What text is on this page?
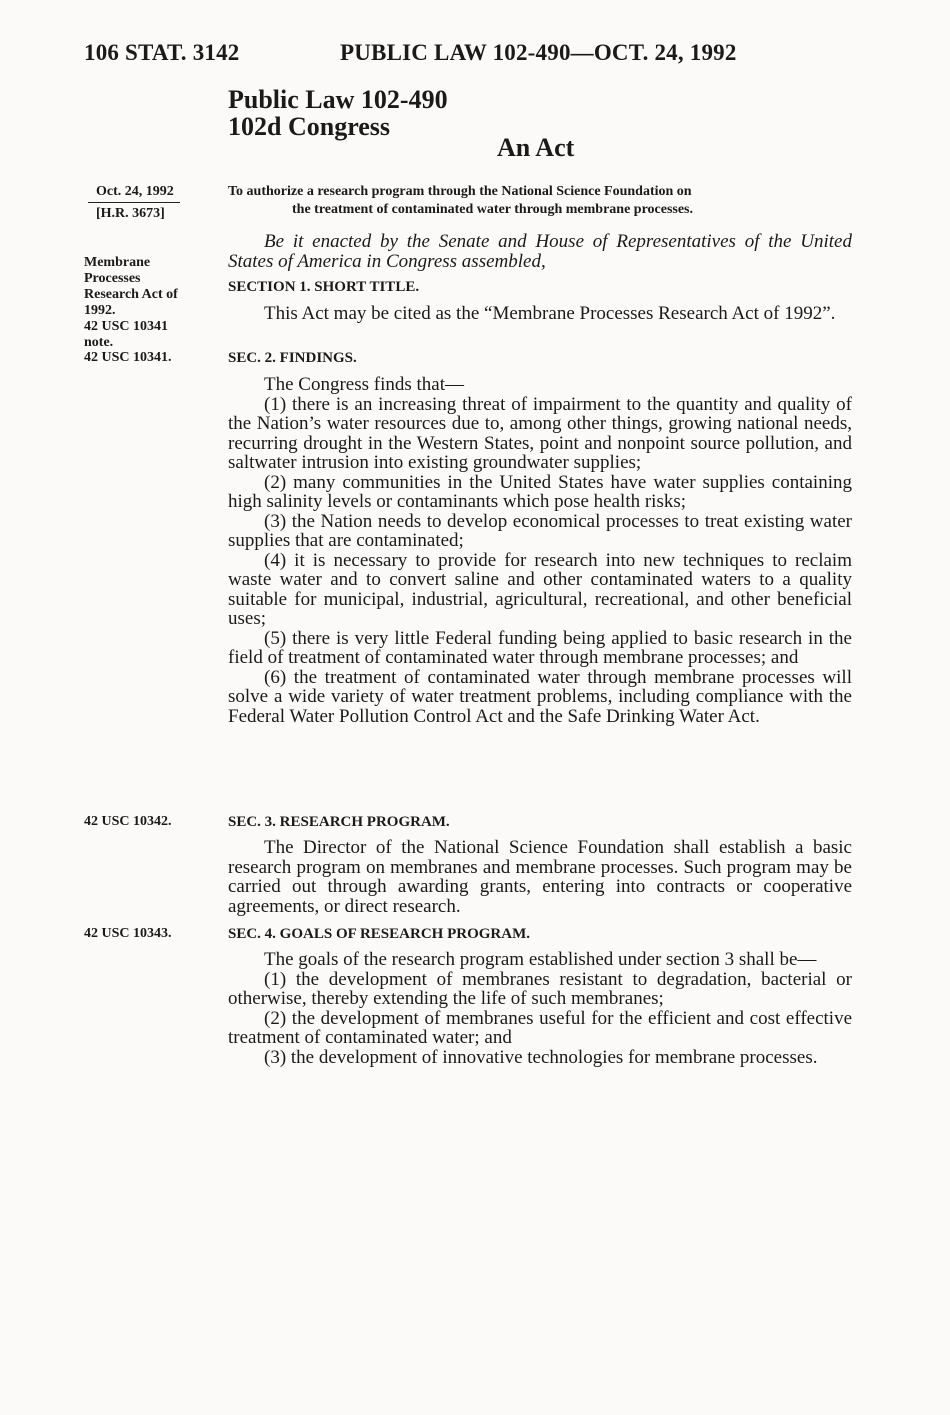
106 STAT. 3142	PUBLIC LAW 102-490—OCT. 24, 1992
Public Law 102-490
102d Congress
An Act
Oct. 24, 1992
[H.R. 3673]
To authorize a research program through the National Science Foundation on
the treatment of contaminated water through membrane processes.
Membrane
Processes
Research Act of
1992.
42 USC 10341
note.
42 USC 10341.
42 USC 10342.
42 USC 10343.
Be it enacted by the Senate and House of Representatives of the United States of America in Congress assembled,
SECTION 1. SHORT TITLE.

This Act may be cited as the “Membrane Processes Research Act of 1992”.

SEC. 2. FINDINGS.

The Congress finds that—

(1) there is an increasing threat of impairment to the quantity and quality of the Nation’s water resources due to, among other things, growing national needs, recurring drought in the Western States, point and nonpoint source pollution, and saltwater intrusion into existing groundwater supplies;

(2) many communities in the United States have water supplies containing high salinity levels or contaminants which pose health risks;

(3) the Nation needs to develop economical processes to treat existing water supplies that are contaminated;

(4) it is necessary to provide for research into new techniques to reclaim waste water and to convert saline and other contaminated waters to a quality suitable for municipal, industrial, agricultural, recreational, and other beneficial uses;

(5) there is very little Federal funding being applied to basic research in the field of treatment of contaminated water through membrane processes; and

(6) the treatment of contaminated water through membrane processes will solve a wide variety of water treatment problems, including compliance with the Federal Water Pollution Control Act and the Safe Drinking Water Act.

SEC. 3. RESEARCH PROGRAM.

The Director of the National Science Foundation shall establish a basic research program on membranes and membrane processes. Such program may be carried out through awarding grants, entering into contracts or cooperative agreements, or direct research.

SEC. 4. GOALS OF RESEARCH PROGRAM.

The goals of the research program established under section 3 shall be—

(1) the development of membranes resistant to degradation, bacterial or otherwise, thereby extending the life of such membranes;

(2) the development of membranes useful for the efficient and cost effective treatment of contaminated water; and

(3) the development of innovative technologies for membrane processes.
